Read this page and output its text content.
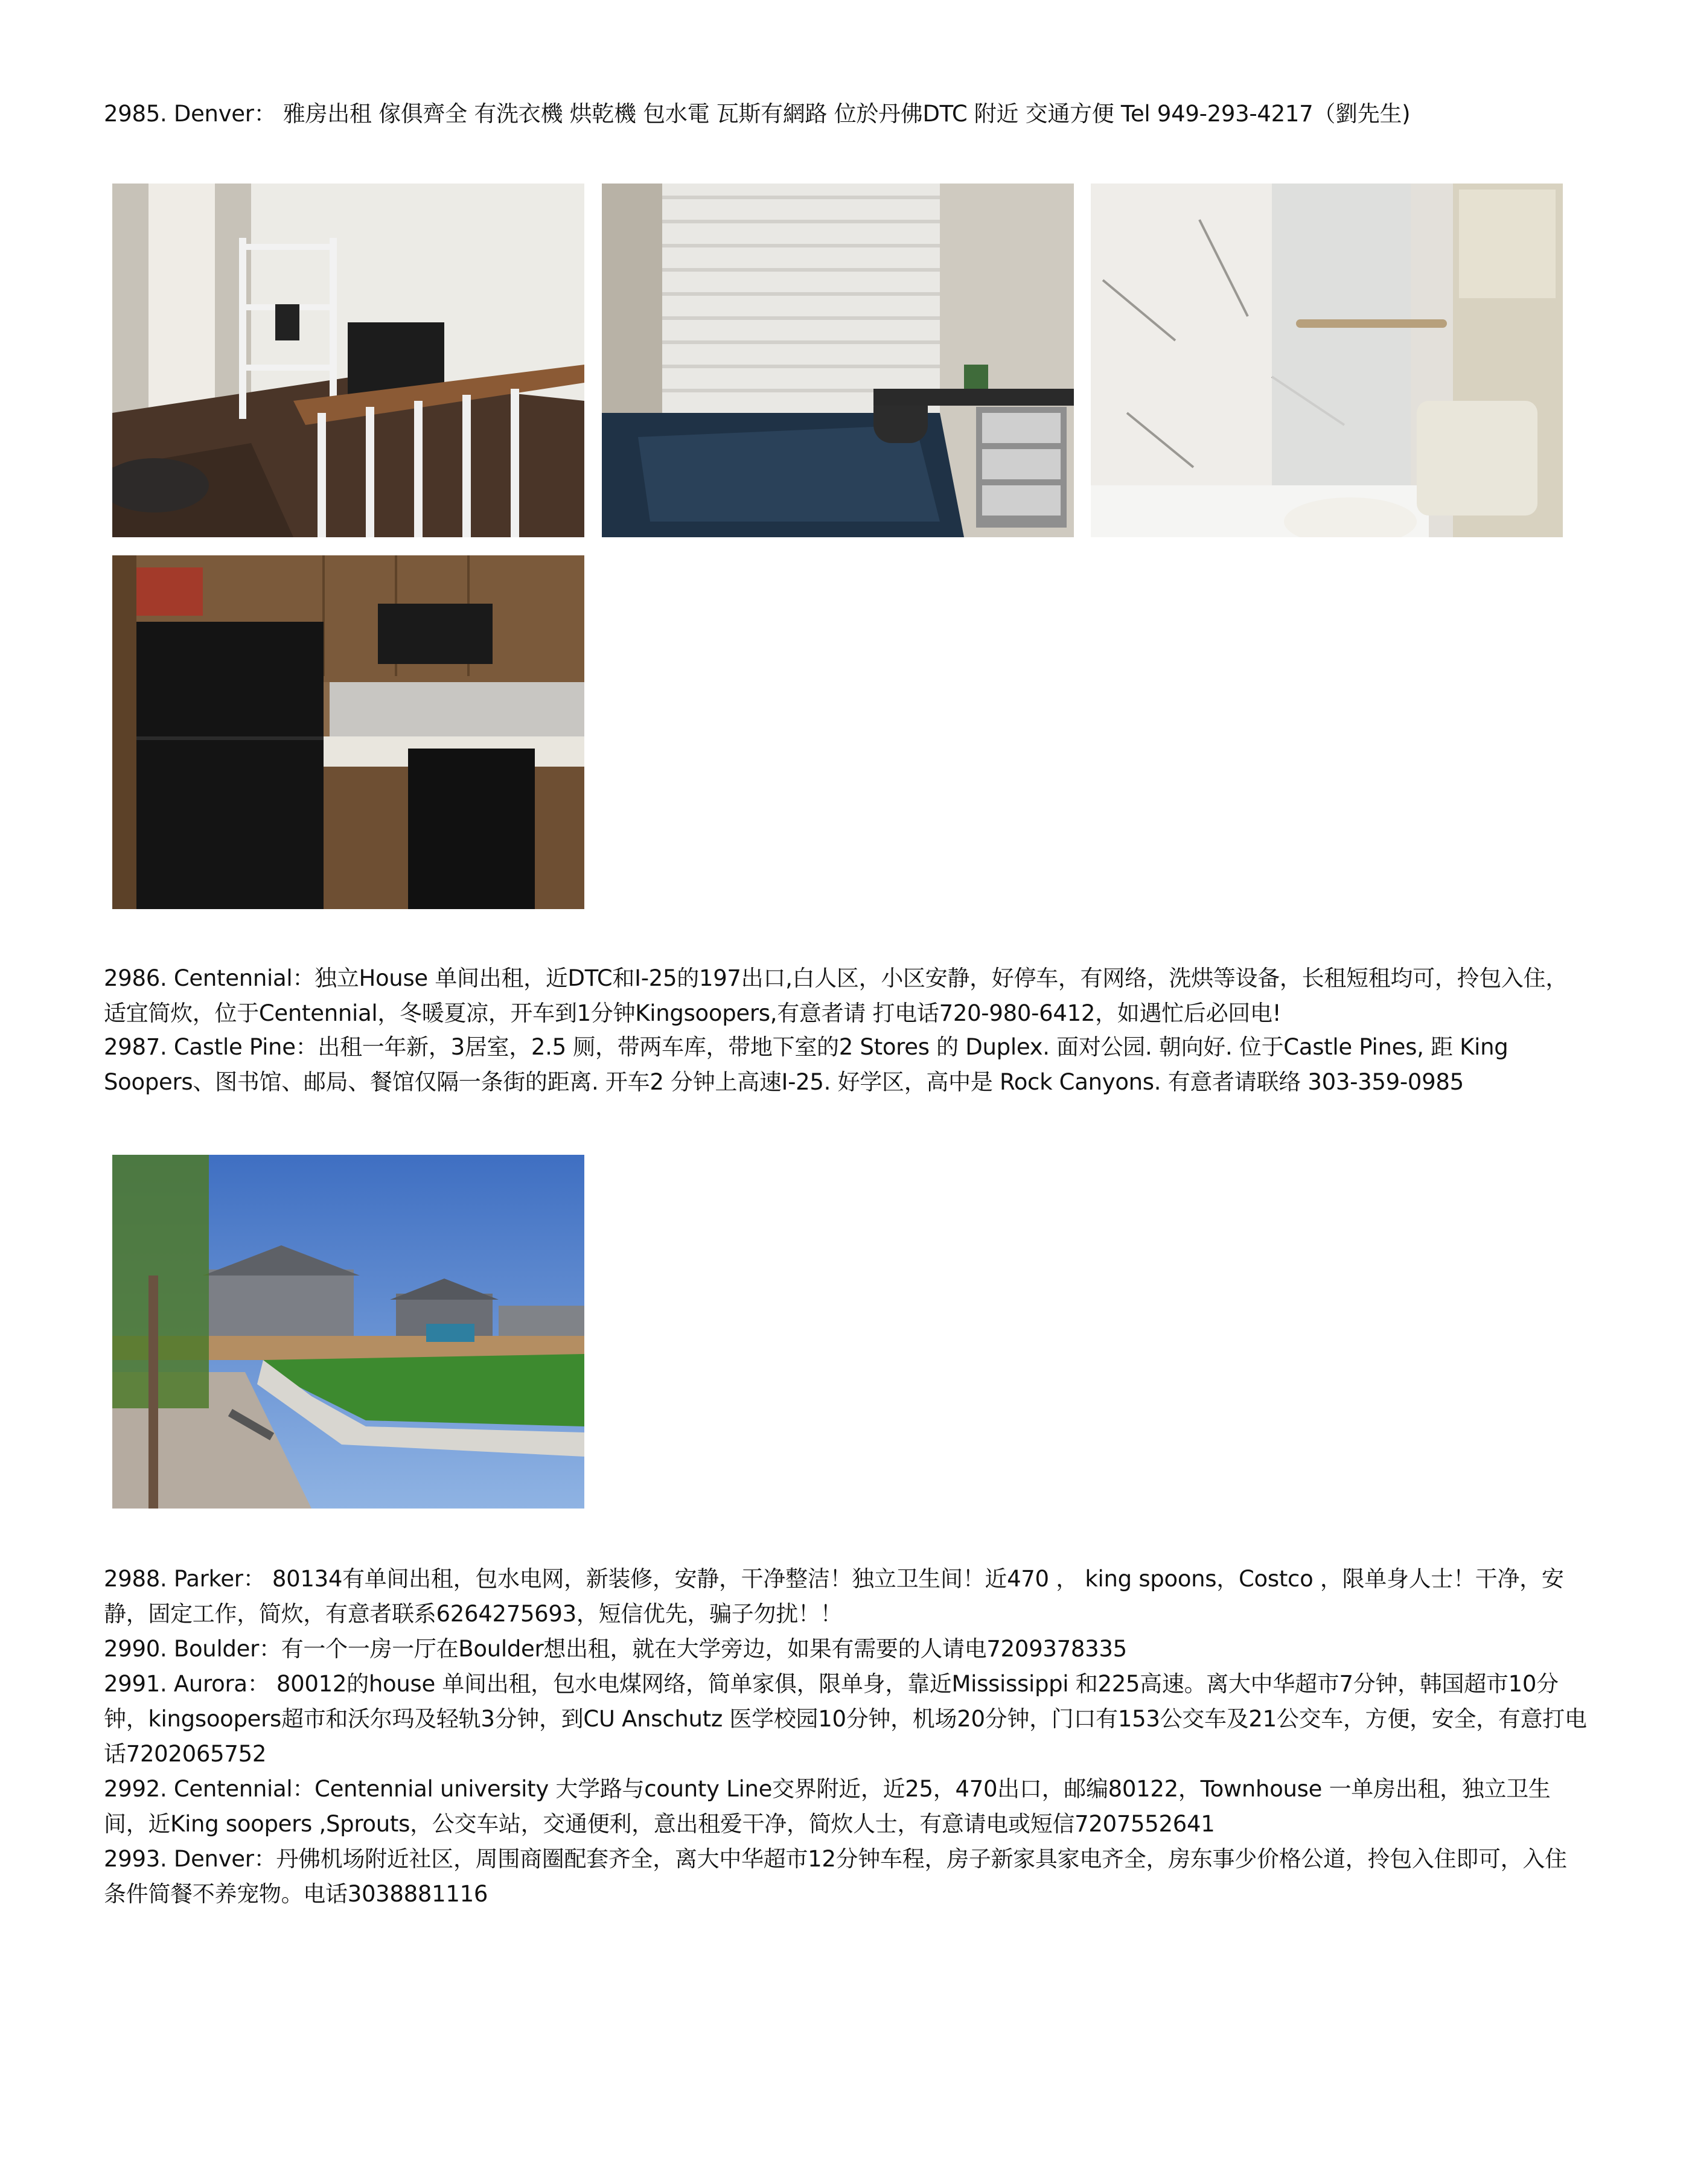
2985. Denver： 雅房出租 傢俱齊全 有洗衣機 烘乾機 包水電 瓦斯有網路 位於丹佛DTC 附近 交通方便 Tel 949-293-4217（劉先生)

2986. Centennial：独立House 单间出租，近DTC和I-25的197出口,白人区，小区安静，好停车，有网络，洗烘等设备，长租短租均可，拎包入住，适宜简炊，位于Centennial，冬暖夏凉，开车到1分钟Kingsoopers,有意者请 打电话720-980-6412，如遇忙后必回电!

2987. Castle Pine：出租一年新，3居室，2.5 厕，带两车库，带地下室的2 Stores 的 Duplex. 面对公园. 朝向好. 位于Castle Pines, 距 King Soopers、图书馆、邮局、餐馆仅隔一条街的距离. 开车2 分钟上高速I-25. 好学区，高中是 Rock Canyons. 有意者请联络 303-359-0985

2988. Parker： 80134有单间出租，包水电网，新装修，安静，干净整洁！独立卫生间！近470 ， king spoons，Costco ，限单身人士！干净，安静，固定工作，简炊，有意者联系6264275693，短信优先，骗子勿扰！！

2990. Boulder：有一个一房一厅在Boulder想出租，就在大学旁边，如果有需要的人请电7209378335

2991. Aurora： 80012的house 单间出租，包水电煤网络，简单家俱，限单身，靠近Mississippi 和225高速。离大中华超市7分钟，韩国超市10分钟，kingsoopers超市和沃尔玛及轻轨3分钟，到CU Anschutz 医学校园10分钟，机场20分钟，门口有153公交车及21公交车，方便，安全，有意打电话7202065752

2992. Centennial：Centennial university 大学路与county Line交界附近，近25，470出口，邮编80122，Townhouse 一单房出租，独立卫生间，近King soopers ,Sprouts，公交车站，交通便利，意出租爱干净，简炊人士，有意请电或短信7207552641

2993. Denver：丹佛机场附近社区，周围商圈配套齐全，离大中华超市12分钟车程，房子新家具家电齐全，房东事少价格公道，拎包入住即可，入住条件简餐不养宠物。电话3038881116
